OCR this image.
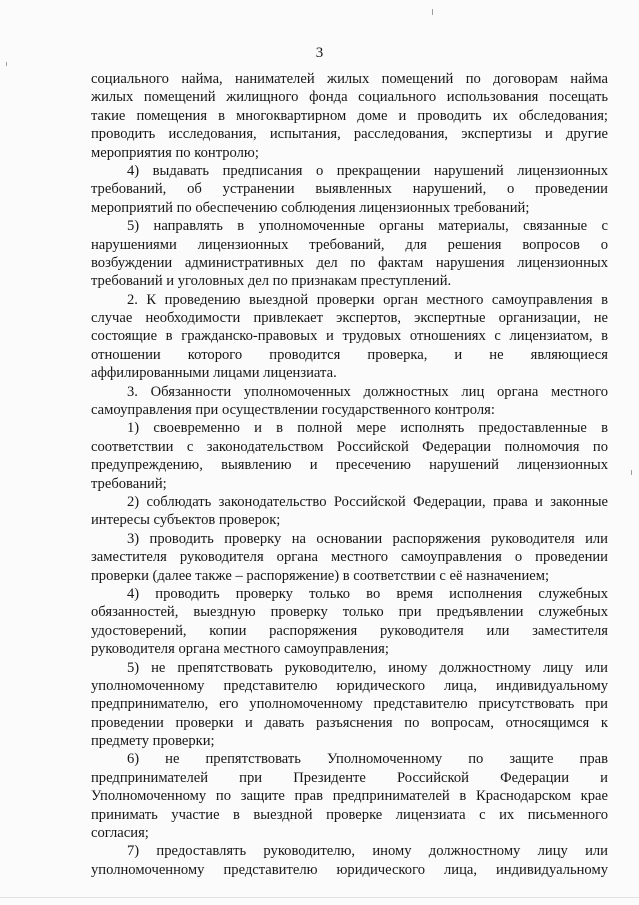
3
социального найма, нанимателей жилых помещений по договорам найма
жилых помещений жилищного фонда социального использования посещать
такие помещения в многоквартирном доме и проводить их обследования;
проводить исследования, испытания, расследования, экспертизы и другие
мероприятия по контролю;
4) выдавать предписания о прекращении нарушений лицензионных
требований, об устранении выявленных нарушений, о проведении
мероприятий по обеспечению соблюдения лицензионных требований;
5) направлять в уполномоченные органы материалы, связанные с
нарушениями лицензионных требований, для решения вопросов о
возбуждении административных дел по фактам нарушения лицензионных
требований и уголовных дел по признакам преступлений.
2. К проведению выездной проверки орган местного самоуправления в
случае необходимости привлекает экспертов, экспертные организации, не
состоящие в гражданско-правовых и трудовых отношениях с лицензиатом, в
отношении которого проводится проверка, и не являющиеся
аффилированными лицами лицензиата.
3. Обязанности уполномоченных должностных лиц органа местного
самоуправления при осуществлении государственного контроля:
1) своевременно и в полной мере исполнять предоставленные в
соответствии с законодательством Российской Федерации полномочия по
предупреждению, выявлению и пресечению нарушений лицензионных
требований;
2) соблюдать законодательство Российской Федерации, права и законные
интересы субъектов проверок;
3) проводить проверку на основании распоряжения руководителя или
заместителя руководителя органа местного самоуправления о проведении
проверки (далее также – распоряжение) в соответствии с её назначением;
4) проводить проверку только во время исполнения служебных
обязанностей, выездную проверку только при предъявлении служебных
удостоверений, копии распоряжения руководителя или заместителя
руководителя органа местного самоуправления;
5) не препятствовать руководителю, иному должностному лицу или
уполномоченному представителю юридического лица, индивидуальному
предпринимателю, его уполномоченному представителю присутствовать при
проведении проверки и давать разъяснения по вопросам, относящимся к
предмету проверки;
6) не препятствовать Уполномоченному по защите прав
предпринимателей при Президенте Российской Федерации и
Уполномоченному по защите прав предпринимателей в Краснодарском крае
принимать участие в выездной проверке лицензиата с их письменного
согласия;
7) предоставлять руководителю, иному должностному лицу или
уполномоченному представителю юридического лица, индивидуальному
